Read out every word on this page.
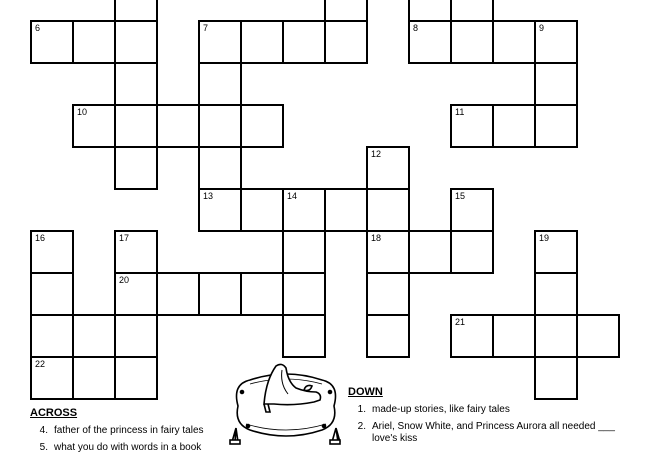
6	7	8	9
10	11
12
13	14	15
16	17	18	19
20
21
22
ACROSS
4. father of the princess in fairy tales
5. what you do with words in a book
DOWN
1. made-up stories, like fairy tales
2. Ariel, Snow White, and Princess Aurora all needed ___ love's kiss
